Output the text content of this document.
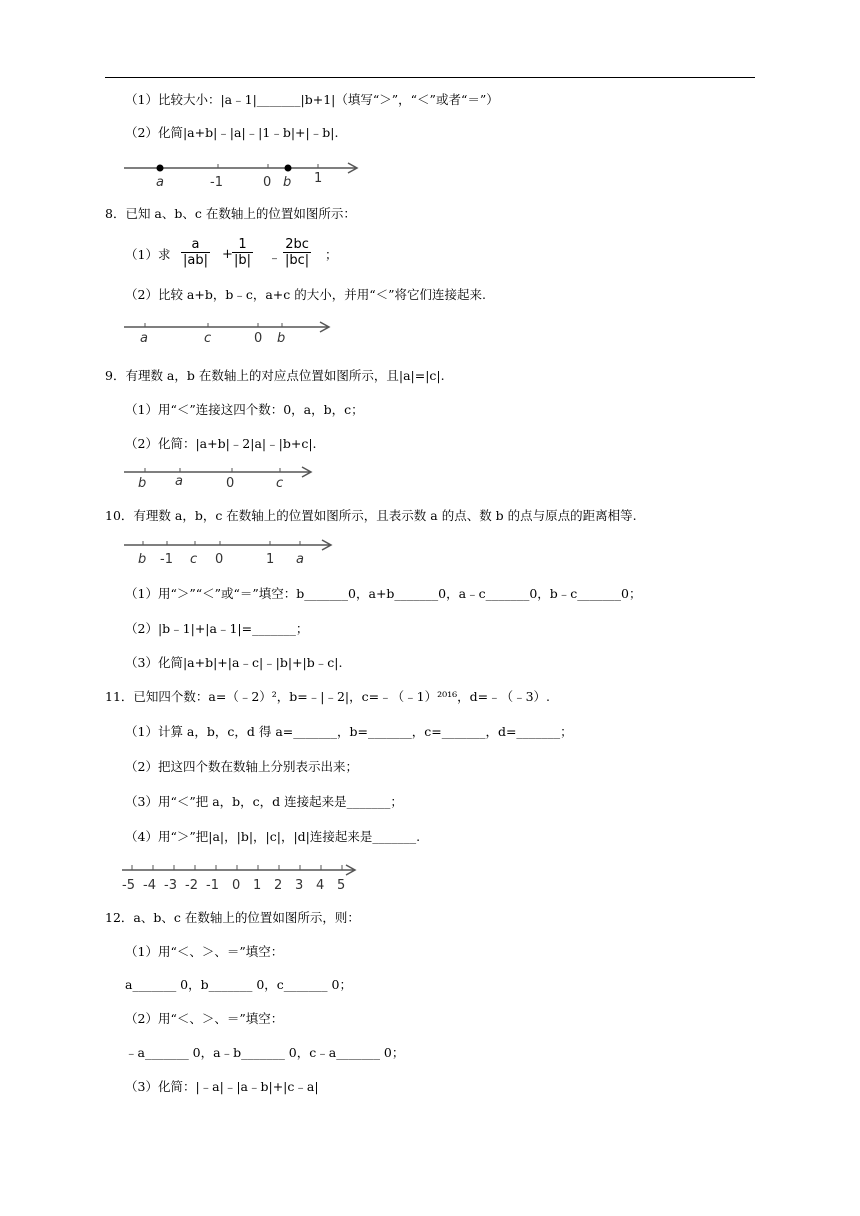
（1）比较大小：|a﹣1|_______|b+1|（填写“＞”，“＜”或者“＝”）
（2）化简|a+b|﹣|a|﹣|1﹣b|+|﹣b|.
a	-1	0 b 1
8．已知 a、b、c 在数轴上的位置如图所示：
（1）求 $\frac{a}{|ab|} + \frac{1}{|b|}$ ﹣ $\frac{2bc}{|bc|}$ ；
（2）比较 a+b，b﹣c，a+c 的大小，并用“＜”将它们连接起来.
a	c	0 b
9．有理数 a，b 在数轴上的对应点位置如图所示，且|a|=|c|.
（1）用“＜”连接这四个数：0，a，b，c；
（2）化简：|a+b|﹣2|a|﹣|b+c|.
b a	0	c
10．有理数 a，b，c 在数轴上的位置如图所示，且表示数 a 的点、数 b 的点与原点的距离相等.
b -1 c 0	1 a
（1）用“＞”“＜”或“＝”填空：b_______0，a+b_______0，a﹣c_______0，b﹣c_______0；
（2）|b﹣1|+|a﹣1|=_______；
（3）化简|a+b|+|a﹣c|﹣|b|+|b﹣c|.
11．已知四个数：a=（﹣2）²，b=﹣|﹣2|，c=﹣（﹣1）²⁰¹⁶，d=﹣（﹣3）.
（1）计算 a，b，c，d 得 a=_______，b=_______，c=_______，d=_______；
（2）把这四个数在数轴上分别表示出来；
（3）用“＜”把 a，b，c，d 连接起来是_______；
（4）用“＞”把|a|，|b|，|c|，|d|连接起来是_______.
-5 -4 -3 -2 -1 0 1 2 3 4 5
12．a、b、c 在数轴上的位置如图所示，则：
（1）用“＜、＞、＝”填空：
a_______ 0，b_______ 0，c_______ 0；
（2）用“＜、＞、＝”填空：
﹣a_______ 0，a﹣b_______ 0，c﹣a_______ 0；
（3）化简：|﹣a|﹣|a﹣b|+|c﹣a|
